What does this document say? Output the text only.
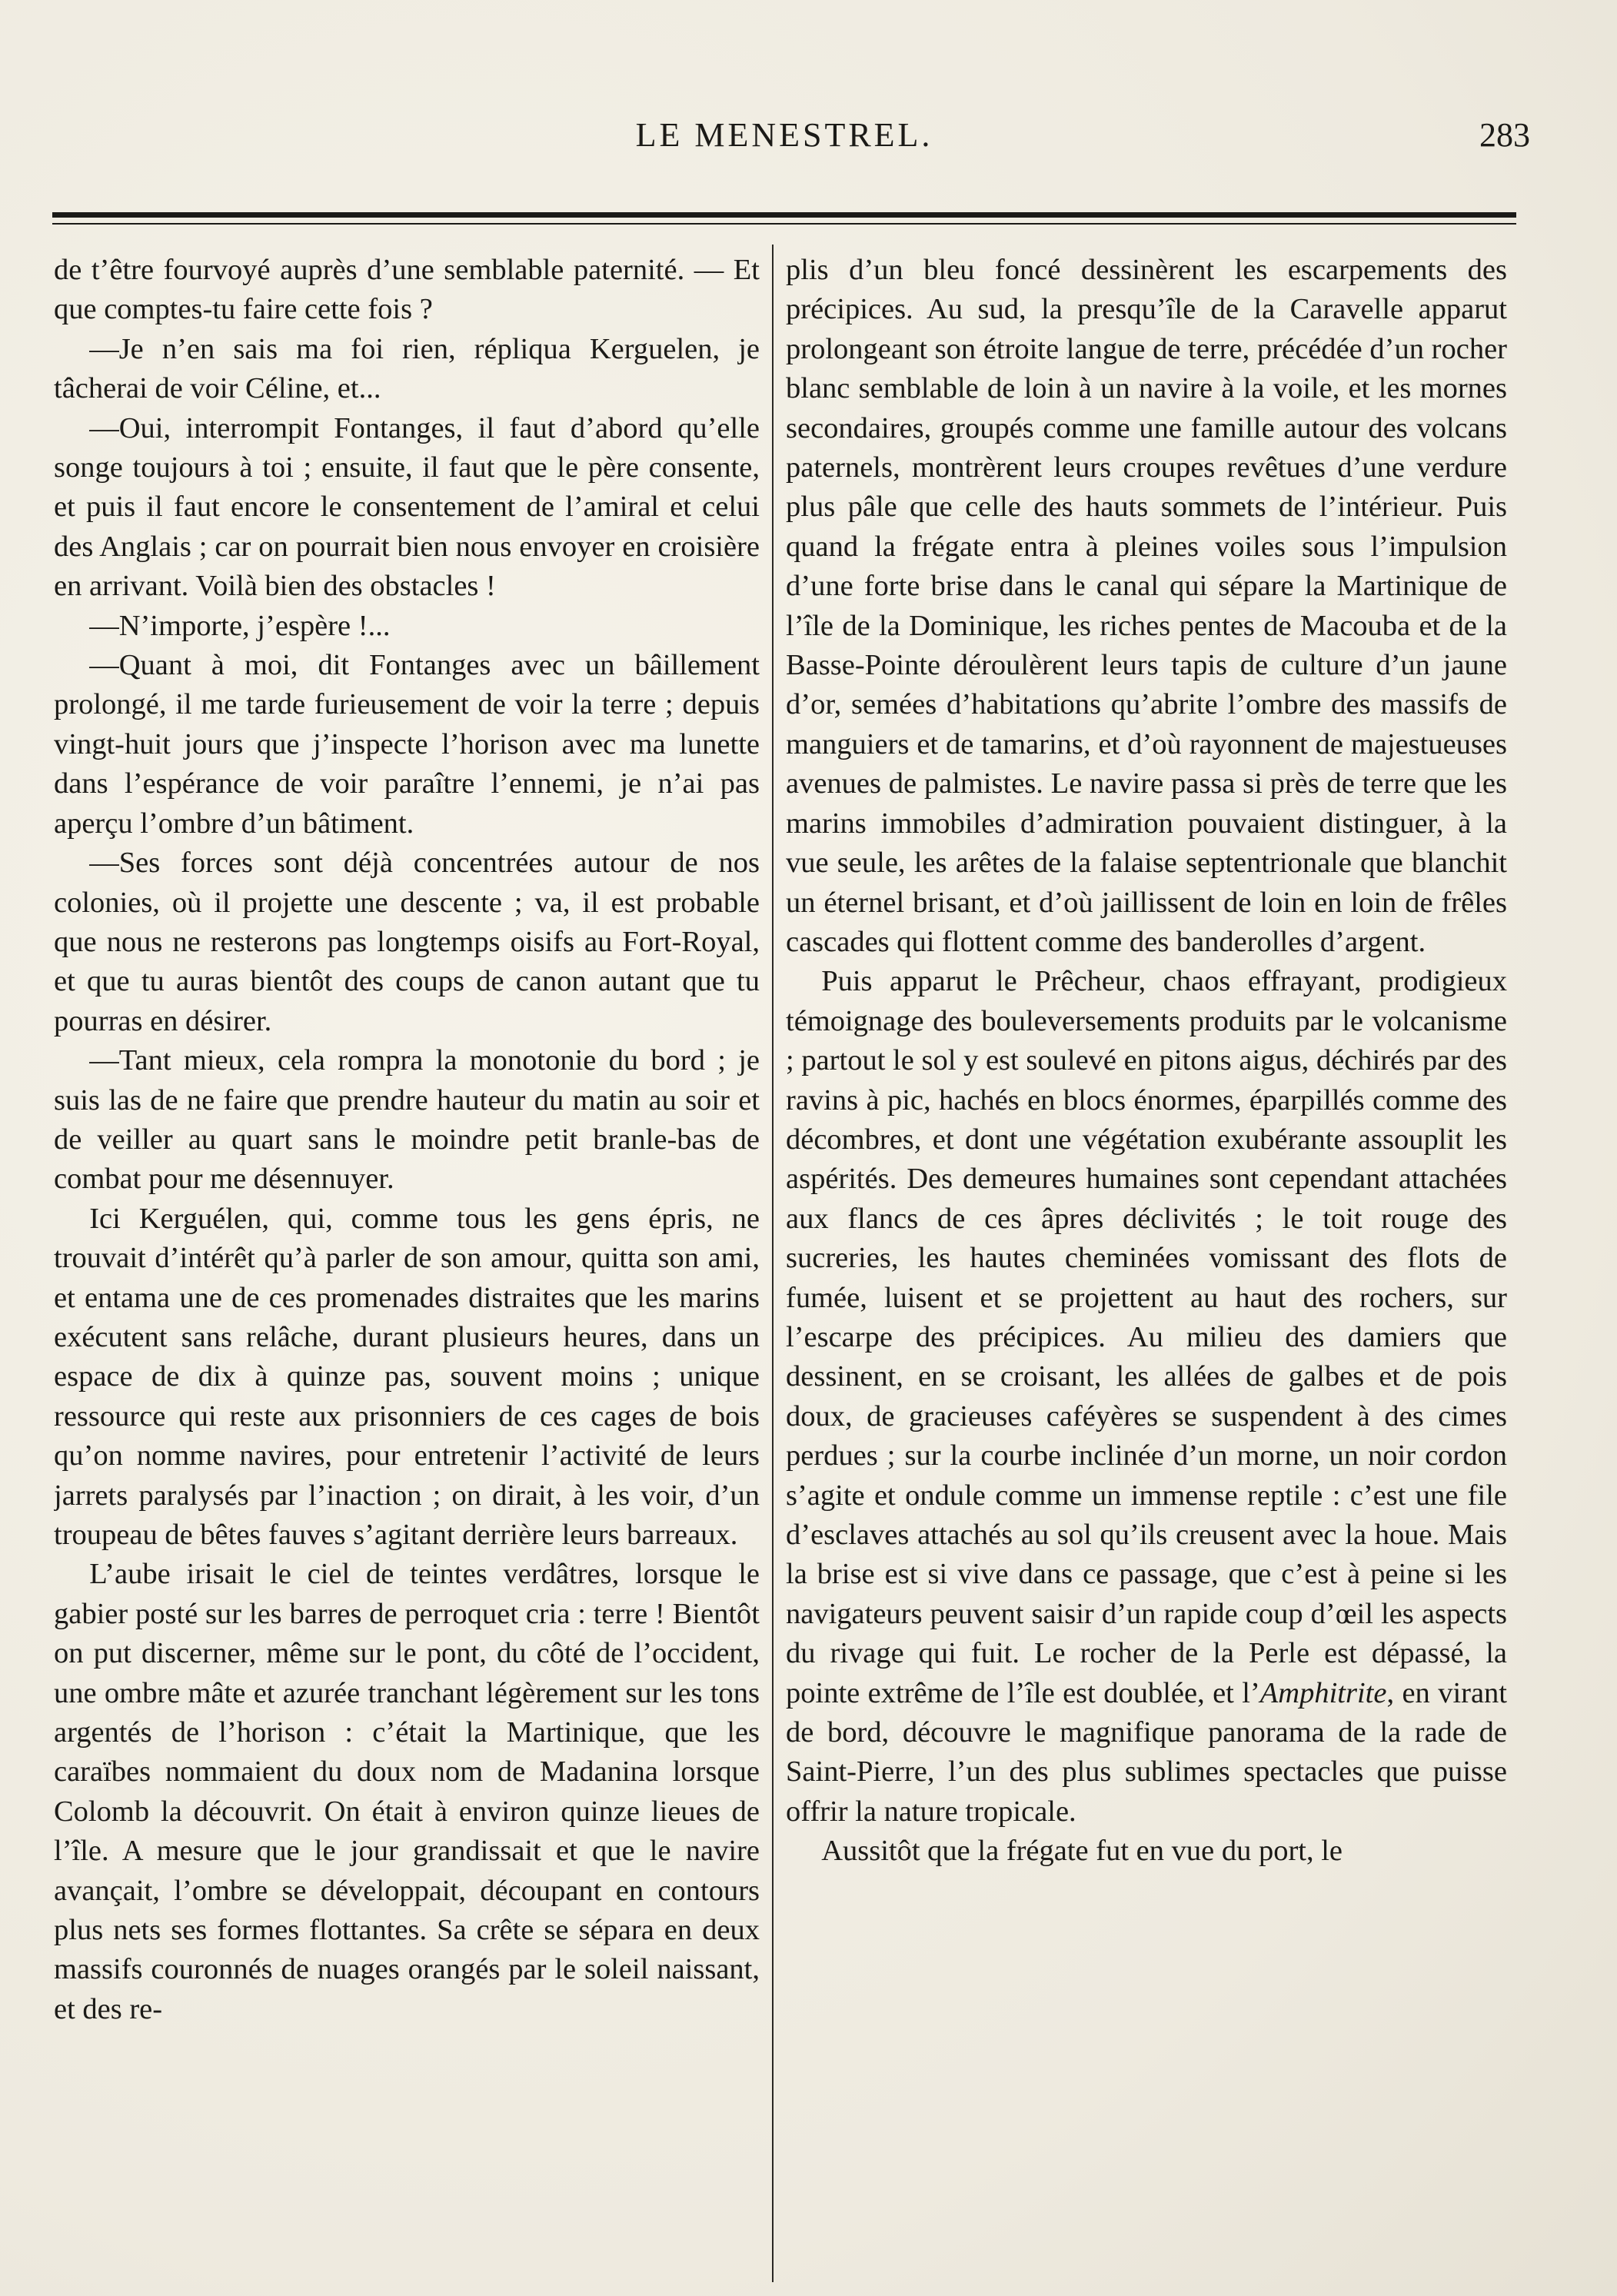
LE MENESTREL.	283

de t’être fourvoyé auprès d’une semblable paternité. — Et que comptes-tu faire cette fois ?

—Je n’en sais ma foi rien, répliqua Kerguelen, je tâcherai de voir Céline, et...

—Oui, interrompit Fontanges, il faut d’abord qu’elle songe toujours à toi ; ensuite, il faut que le père consente, et puis il faut encore le consentement de l’amiral et celui des Anglais ; car on pourrait bien nous envoyer en croisière en arrivant. Voilà bien des obstacles !

—N’importe, j’espère !...

—Quant à moi, dit Fontanges avec un bâillement prolongé, il me tarde furieusement de voir la terre ; depuis vingt-huit jours que j’inspecte l’horison avec ma lunette dans l’espérance de voir paraître l’ennemi, je n’ai pas aperçu l’ombre d’un bâtiment.

—Ses forces sont déjà concentrées autour de nos colonies, où il projette une descente ; va, il est probable que nous ne resterons pas longtemps oisifs au Fort-Royal, et que tu auras bientôt des coups de canon autant que tu pourras en désirer.

—Tant mieux, cela rompra la monotonie du bord ; je suis las de ne faire que prendre hauteur du matin au soir et de veiller au quart sans le moindre petit branle-bas de combat pour me désennuyer.

Ici Kerguélen, qui, comme tous les gens épris, ne trouvait d’intérêt qu’à parler de son amour, quitta son ami, et entama une de ces promenades distraites que les marins exécutent sans relâche, durant plusieurs heures, dans un espace de dix à quinze pas, souvent moins ; unique ressource qui reste aux prisonniers de ces cages de bois qu’on nomme navires, pour entretenir l’activité de leurs jarrets paralysés par l’inaction ; on dirait, à les voir, d’un troupeau de bêtes fauves s’agitant derrière leurs barreaux.

L’aube irisait le ciel de teintes verdâtres, lorsque le gabier posté sur les barres de perroquet cria : terre ! Bientôt on put discerner, même sur le pont, du côté de l’occident, une ombre mâte et azurée tranchant légèrement sur les tons argentés de l’horison : c’était la Martinique, que les caraïbes nommaient du doux nom de Madanina lorsque Colomb la découvrit. On était à environ quinze lieues de l’île. A mesure que le jour grandissait et que le navire avançait, l’ombre se développait, découpant en contours plus nets ses formes flottantes. Sa crête se sépara en deux massifs couronnés de nuages orangés par le soleil naissant, et des re-

plis d’un bleu foncé dessinèrent les escarpements des précipices. Au sud, la presqu’île de la Caravelle apparut prolongeant son étroite langue de terre, précédée d’un rocher blanc semblable de loin à un navire à la voile, et les mornes secondaires, groupés comme une famille autour des volcans paternels, montrèrent leurs croupes revêtues d’une verdure plus pâle que celle des hauts sommets de l’intérieur. Puis quand la frégate entra à pleines voiles sous l’impulsion d’une forte brise dans le canal qui sépare la Martinique de l’île de la Dominique, les riches pentes de Macouba et de la Basse-Pointe déroulèrent leurs tapis de culture d’un jaune d’or, semées d’habitations qu’abrite l’ombre des massifs de manguiers et de tamarins, et d’où rayonnent de majestueuses avenues de palmistes. Le navire passa si près de terre que les marins immobiles d’admiration pouvaient distinguer, à la vue seule, les arêtes de la falaise septentrionale que blanchit un éternel brisant, et d’où jaillissent de loin en loin de frêles cascades qui flottent comme des banderolles d’argent.

Puis apparut le Prêcheur, chaos effrayant, prodigieux témoignage des bouleversements produits par le volcanisme ; partout le sol y est soulevé en pitons aigus, déchirés par des ravins à pic, hachés en blocs énormes, éparpillés comme des décombres, et dont une végétation exubérante assouplit les aspérités. Des demeures humaines sont cependant attachées aux flancs de ces âpres déclivités ; le toit rouge des sucreries, les hautes cheminées vomissant des flots de fumée, luisent et se projettent au haut des rochers, sur l’escarpe des précipices. Au milieu des damiers que dessinent, en se croisant, les allées de galbes et de pois doux, de gracieuses caféyères se suspendent à des cimes perdues ; sur la courbe inclinée d’un morne, un noir cordon s’agite et ondule comme un immense reptile : c’est une file d’esclaves attachés au sol qu’ils creusent avec la houe. Mais la brise est si vive dans ce passage, que c’est à peine si les navigateurs peuvent saisir d’un rapide coup d’œil les aspects du rivage qui fuit. Le rocher de la Perle est dépassé, la pointe extrême de l’île est doublée, et l’Amphitrite, en virant de bord, découvre le magnifique panorama de la rade de Saint-Pierre, l’un des plus sublimes spectacles que puisse offrir la nature tropicale.

Aussitôt que la frégate fut en vue du port, le
